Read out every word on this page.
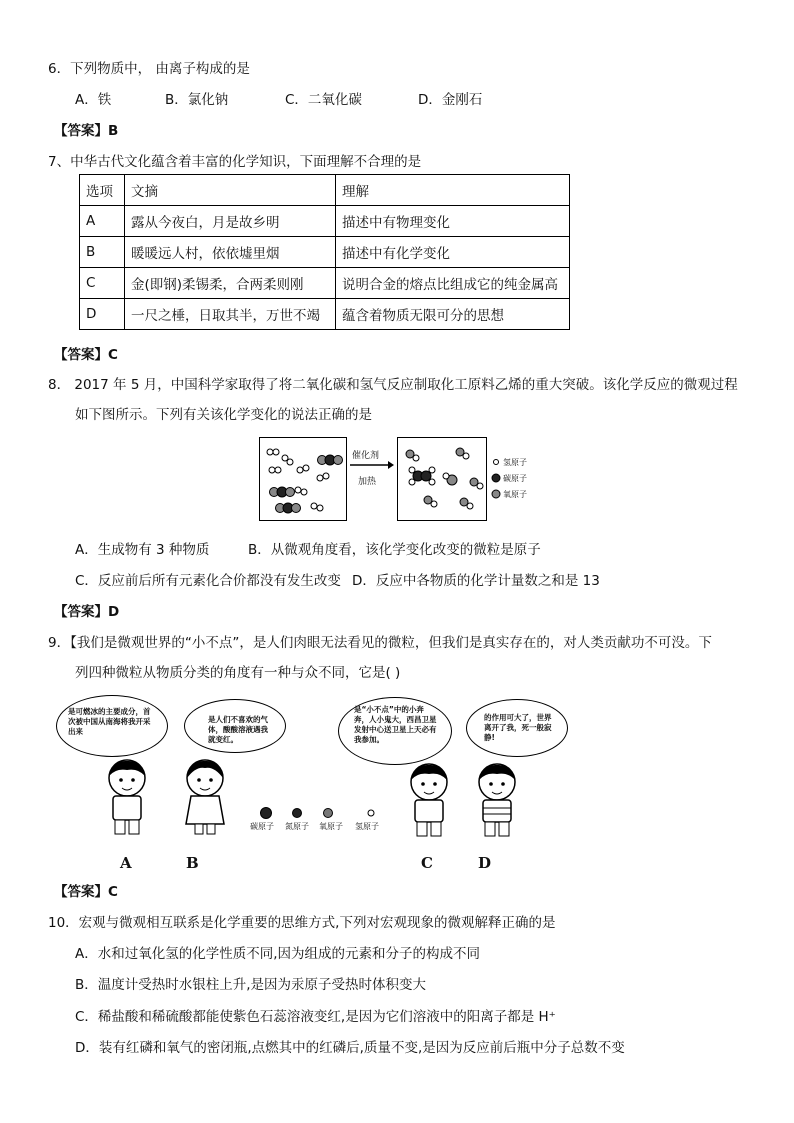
6．下列物质中， 由离子构成的是
A．铁	B．氯化钠	C．二氧化碳	D．金刚石
【答案】B
7、中华古代文化蕴含着丰富的化学知识，下面理解不合理的是
选项	文摘	理解
A	露从今夜白，月是故乡明	描述中有物理变化
B	暖暖远人村，依依墟里烟	描述中有化学变化
C	金(即钢)柔锡柔，合两柔则刚	说明合金的熔点比组成它的纯金属高
D	一尺之棰，日取其半，万世不竭	蕴含着物质无限可分的思想
【答案】C
8． 2017 年 5 月，中国科学家取得了将二氧化碳和氢气反应制取化工原料乙烯的重大突破。该化学反应的微观过程
如下图所示。下列有关该化学变化的说法正确的是
催化剂
加热
氢原子
碳原子
氧原子
A．生成物有 3 种物质	B．从微观角度看，该化学变化改变的微粒是原子
C．反应前后所有元素化合价都没有发生改变 D．反应中各物质的化学计量数之和是 13
【答案】D
9．【我们是微观世界的“小不点”，是人们肉眼无法看见的微粒，但我们是真实存在的，对人类贡献功不可没。下
列四种微粒从物质分类的角度有一种与众不同，它是( )
是可燃冰的主要成分，首次被中国从南海将我开采出来
是人们不喜欢的气体，酸酸溶液遇我就变红。
是“小不点”中的小奔奔，人小鬼大，西昌卫星发射中心送卫星上天必有我参加。
的作用可大了，世界离开了我，死一般寂静!
碳原子 氮原子 氧原子 氢原子
A	B	C	D
【答案】C
10．宏观与微观相互联系是化学重要的思维方式,下列对宏观现象的微观解释正确的是
A．水和过氧化氢的化学性质不同,因为组成的元素和分子的构成不同
B．温度计受热时水银柱上升,是因为汞原子受热时体积变大
C．稀盐酸和稀硫酸都能使紫色石蕊溶液变红,是因为它们溶液中的阳离子都是 H⁺
D．装有红磷和氧气的密闭瓶,点燃其中的红磷后,质量不变,是因为反应前后瓶中分子总数不变
